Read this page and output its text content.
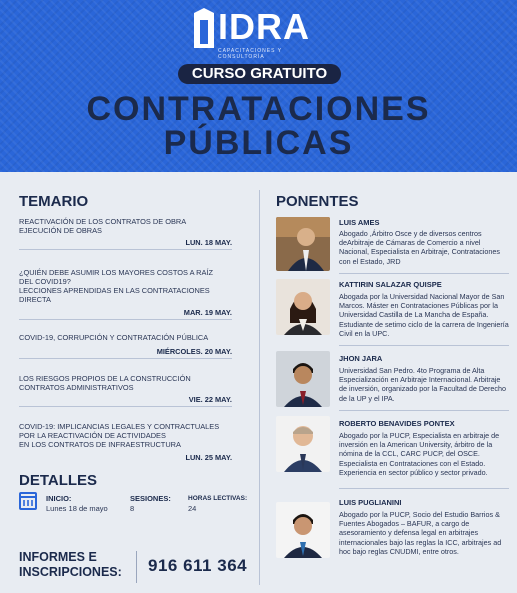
IDRA
CAPACITACIONES Y CONSULTORÍA
CURSO GRATUITO
CONTRATACIONES
PÚBLICAS
TEMARIO
REACTIVACIÓN DE LOS CONTRATOS DE OBRA
EJECUCIÓN DE OBRAS
LUN. 18 MAY.
¿QUIÉN DEBE ASUMIR LOS MAYORES COSTOS A RAÍZ
DEL COVID19?
LECCIONES APRENDIDAS EN LAS CONTRATACIONES
DIRECTA
MAR. 19 MAY.
COVID-19, CORRUPCIÓN Y CONTRATACIÓN PÚBLICA
MIÉRCOLES. 20 MAY.
LOS RIESGOS PROPIOS DE LA CONSTRUCCIÓN
CONTRATOS ADMINISTRATIVOS
VIE. 22 MAY.
COVID-19: IMPLICANCIAS LEGALES Y CONTRACTUALES
POR LA REACTIVACIÓN DE ACTIVIDADES
EN LOS CONTRATOS DE INFRAESTRUCTURA
LUN. 25 MAY.
DETALLES
INICIO:
Lunes 18 de mayo
SESIONES:
8
HORAS LECTIVAS:
24
INFORMES E
INSCRIPCIONES: 916 611 364
PONENTES
LUIS AMES
Abogado ,Árbitro Osce y de diversos centros deArbitraje de Cámaras de Comercio a nivel Nacional, Especialista en Arbitraje, Contrataciones con el Estado, JRD
KATTIRIN SALAZAR QUISPE
Abogada por la Universidad Nacional Mayor de San Marcos. Máster en Contrataciones Públicas por la Universidad Castilla de La Mancha de España. Estudiante de setimo ciclo de la carrera de Ingeniería Civil en la UPC.
JHON JARA
Universidad San Pedro. 4to Programa de Alta Especialización en Arbitraje Internacional. Arbitraje de inversión, organizado por la Facultad de Derecho de la UP y el IPA.
ROBERTO BENAVIDES PONTEX
Abogado por la PUCP, Especialista en arbitraje de inversión en la American University, árbitro de la nómina de la CCL, CARC PUCP, del OSCE. Especialista en Contrataciones con el Estado. Experiencia en sector público y sector privado.
LUIS PUGLIANINI
Abogado por la PUCP, Socio del Estudio Barrios & Fuentes Abogados – BAFUR, a cargo de asesoramiento y defensa legal en arbitrajes internacionales bajo las reglas la ICC, arbitrajes ad hoc bajo reglas CNUDMI, entre otros.
